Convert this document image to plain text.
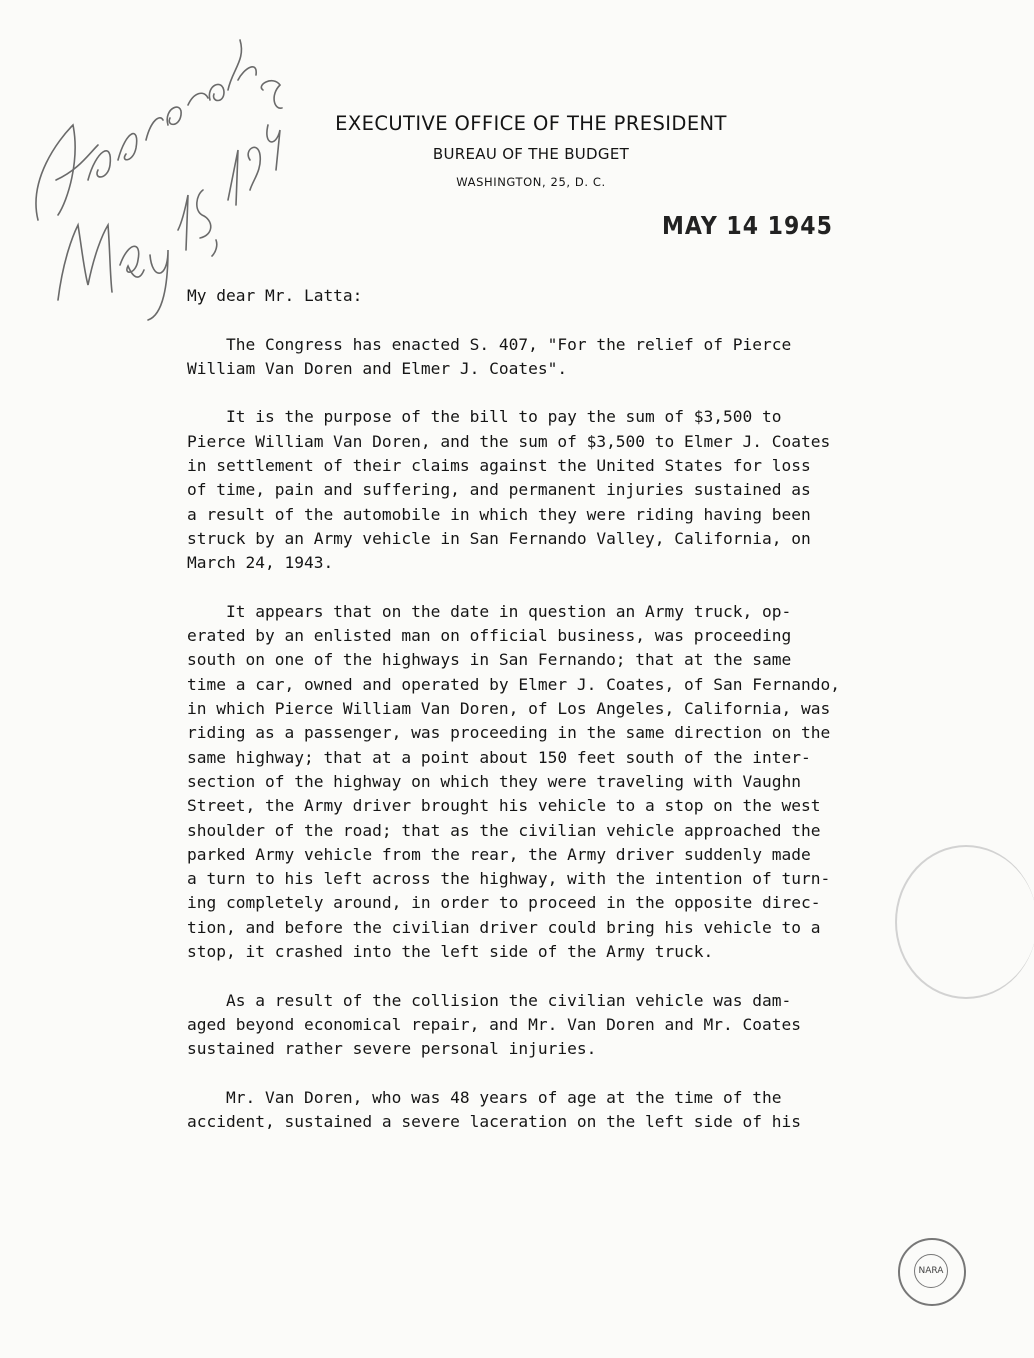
EXECUTIVE OFFICE OF THE PRESIDENT
BUREAU OF THE BUDGET
WASHINGTON, 25, D. C.
MAY 14 1945

My dear Mr. Latta:

The Congress has enacted S. 407, "For the relief of Pierce
William Van Doren and Elmer J. Coates".

It is the purpose of the bill to pay the sum of $3,500 to
Pierce William Van Doren, and the sum of $3,500 to Elmer J. Coates
in settlement of their claims against the United States for loss
of time, pain and suffering, and permanent injuries sustained as
a result of the automobile in which they were riding having been
struck by an Army vehicle in San Fernando Valley, California, on
March 24, 1943.

It appears that on the date in question an Army truck, op-
erated by an enlisted man on official business, was proceeding
south on one of the highways in San Fernando; that at the same
time a car, owned and operated by Elmer J. Coates, of San Fernando,
in which Pierce William Van Doren, of Los Angeles, California, was
riding as a passenger, was proceeding in the same direction on the
same highway; that at a point about 150 feet south of the inter-
section of the highway on which they were traveling with Vaughn
Street, the Army driver brought his vehicle to a stop on the west
shoulder of the road; that as the civilian vehicle approached the
parked Army vehicle from the rear, the Army driver suddenly made
a turn to his left across the highway, with the intention of turn-
ing completely around, in order to proceed in the opposite direc-
tion, and before the civilian driver could bring his vehicle to a
stop, it crashed into the left side of the Army truck.

As a result of the collision the civilian vehicle was dam-
aged beyond economical repair, and Mr. Van Doren and Mr. Coates
sustained rather severe personal injuries.

Mr. Van Doren, who was 48 years of age at the time of the
accident, sustained a severe laceration on the left side of his

NARA
